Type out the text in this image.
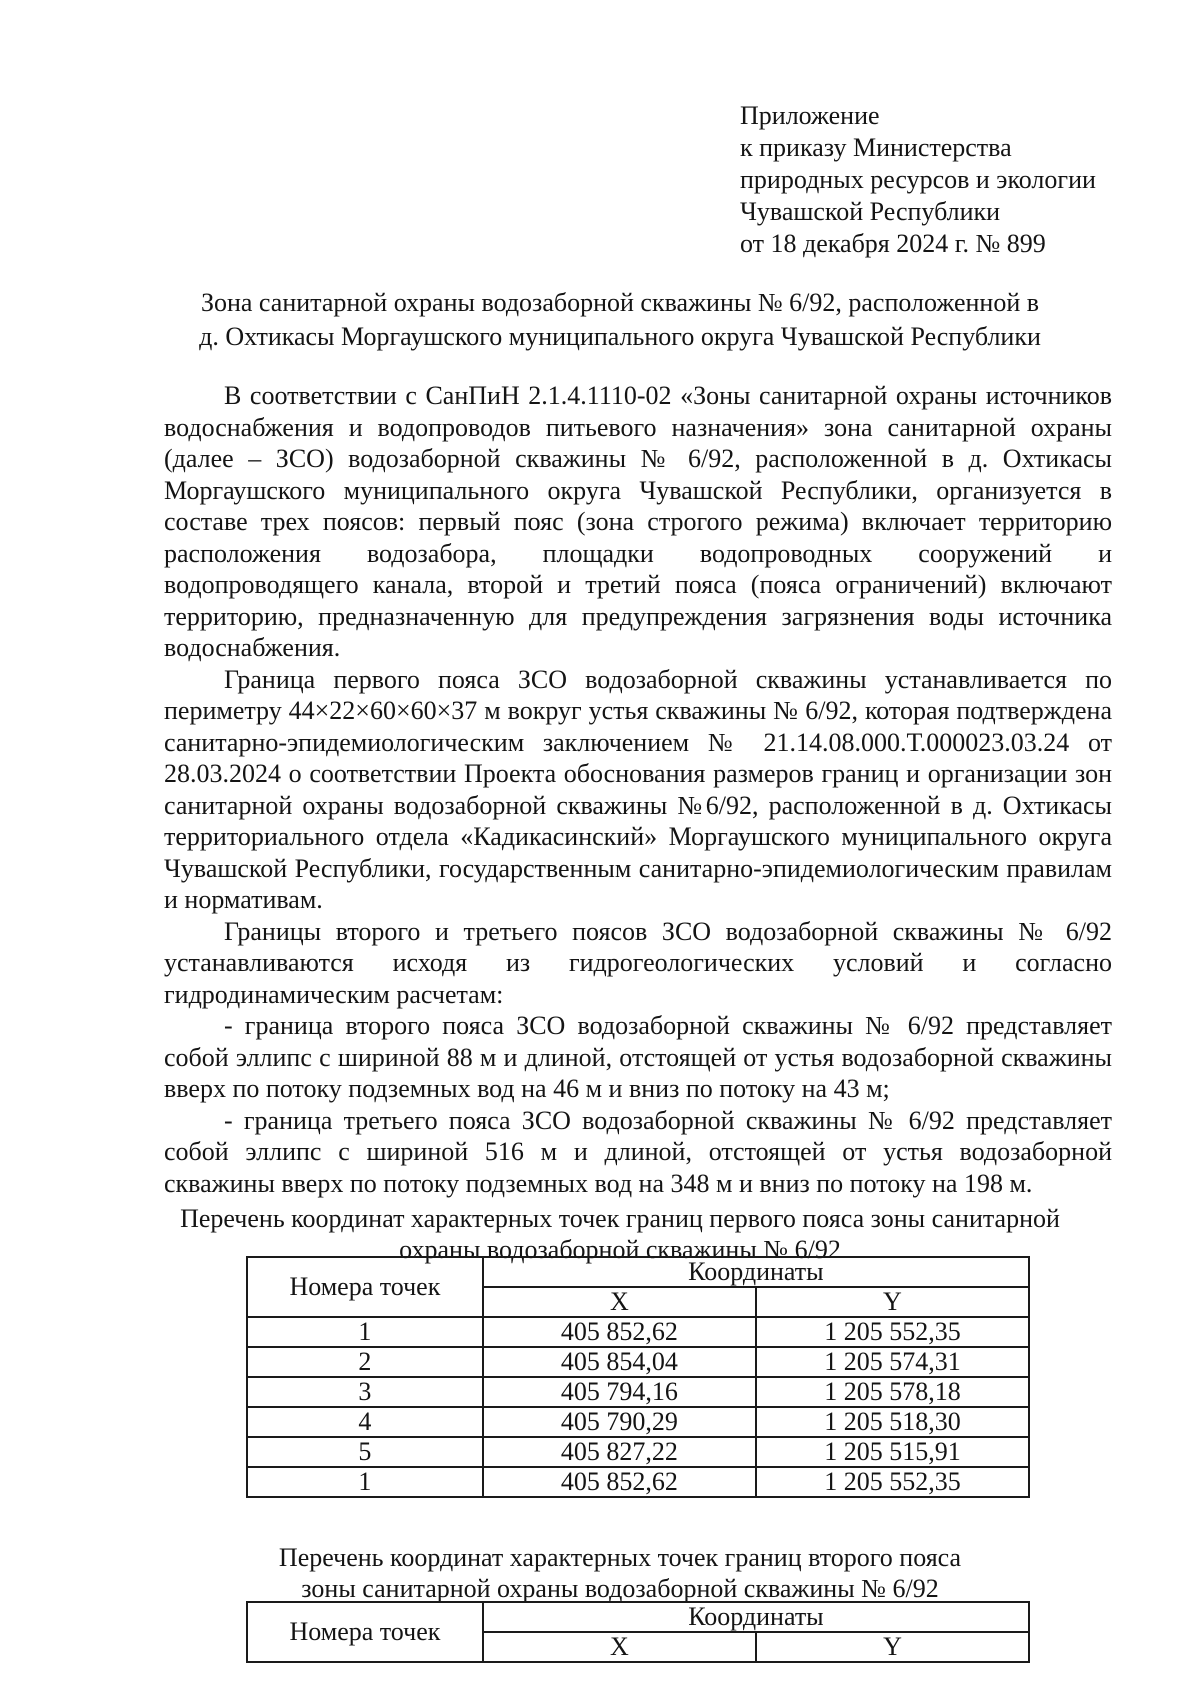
Приложение
к приказу Министерства
природных ресурсов и экологии
Чувашской Республики
от 18 декабря 2024 г. № 899
Зона санитарной охраны водозаборной скважины № 6/92, расположенной в
д. Охтикасы Моргаушского муниципального округа Чувашской Республики

В соответствии с СанПиН 2.1.4.1110-02 «Зоны санитарной охраны источников водоснабжения и водопроводов питьевого назначения» зона санитарной охраны (далее – ЗСО) водозаборной скважины № 6/92, расположенной в д. Охтикасы Моргаушского муниципального округа Чувашской Республики, организуется в составе трех поясов: первый пояс (зона строгого режима) включает территорию расположения водозабора, площадки водопроводных сооружений и водопроводящего канала, второй и третий пояса (пояса ограничений) включают территорию, предназначенную для предупреждения загрязнения воды источника водоснабжения.

Граница первого пояса ЗСО водозаборной скважины устанавливается по периметру 44×22×60×60×37 м вокруг устья скважины № 6/92, которая подтверждена санитарно-эпидемиологическим заключением № 21.14.08.000.Т.000023.03.24 от 28.03.2024 о соответствии Проекта обоснования размеров границ и организации зон санитарной охраны водозаборной скважины №6/92, расположенной в д. Охтикасы территориального отдела «Кадикасинский» Моргаушского муниципального округа Чувашской Республики, государственным санитарно-эпидемиологическим правилам и нормативам.

Границы второго и третьего поясов ЗСО водозаборной скважины № 6/92 устанавливаются исходя из гидрогеологических условий и согласно гидродинамическим расчетам:

- граница второго пояса ЗСО водозаборной скважины № 6/92 представляет собой эллипс с шириной 88 м и длиной, отстоящей от устья водозаборной скважины вверх по потоку подземных вод на 46 м и вниз по потоку на 43 м;

- граница третьего пояса ЗСО водозаборной скважины № 6/92 представляет собой эллипс с шириной 516 м и длиной, отстоящей от устья водозаборной скважины вверх по потоку подземных вод на 348 м и вниз по потоку на 198 м.

Перечень координат характерных точек границ первого пояса зоны санитарной
охраны водозаборной скважины № 6/92
Номера точек	Координаты	
	X	Y
1	405 852,62	1 205 552,35
2	405 854,04	1 205 574,31
3	405 794,16	1 205 578,18
4	405 790,29	1 205 518,30
5	405 827,22	1 205 515,91
1	405 852,62	1 205 552,35
Перечень координат характерных точек границ второго пояса
зоны санитарной охраны водозаборной скважины № 6/92
Номера точек	Координаты	
	X	Y
